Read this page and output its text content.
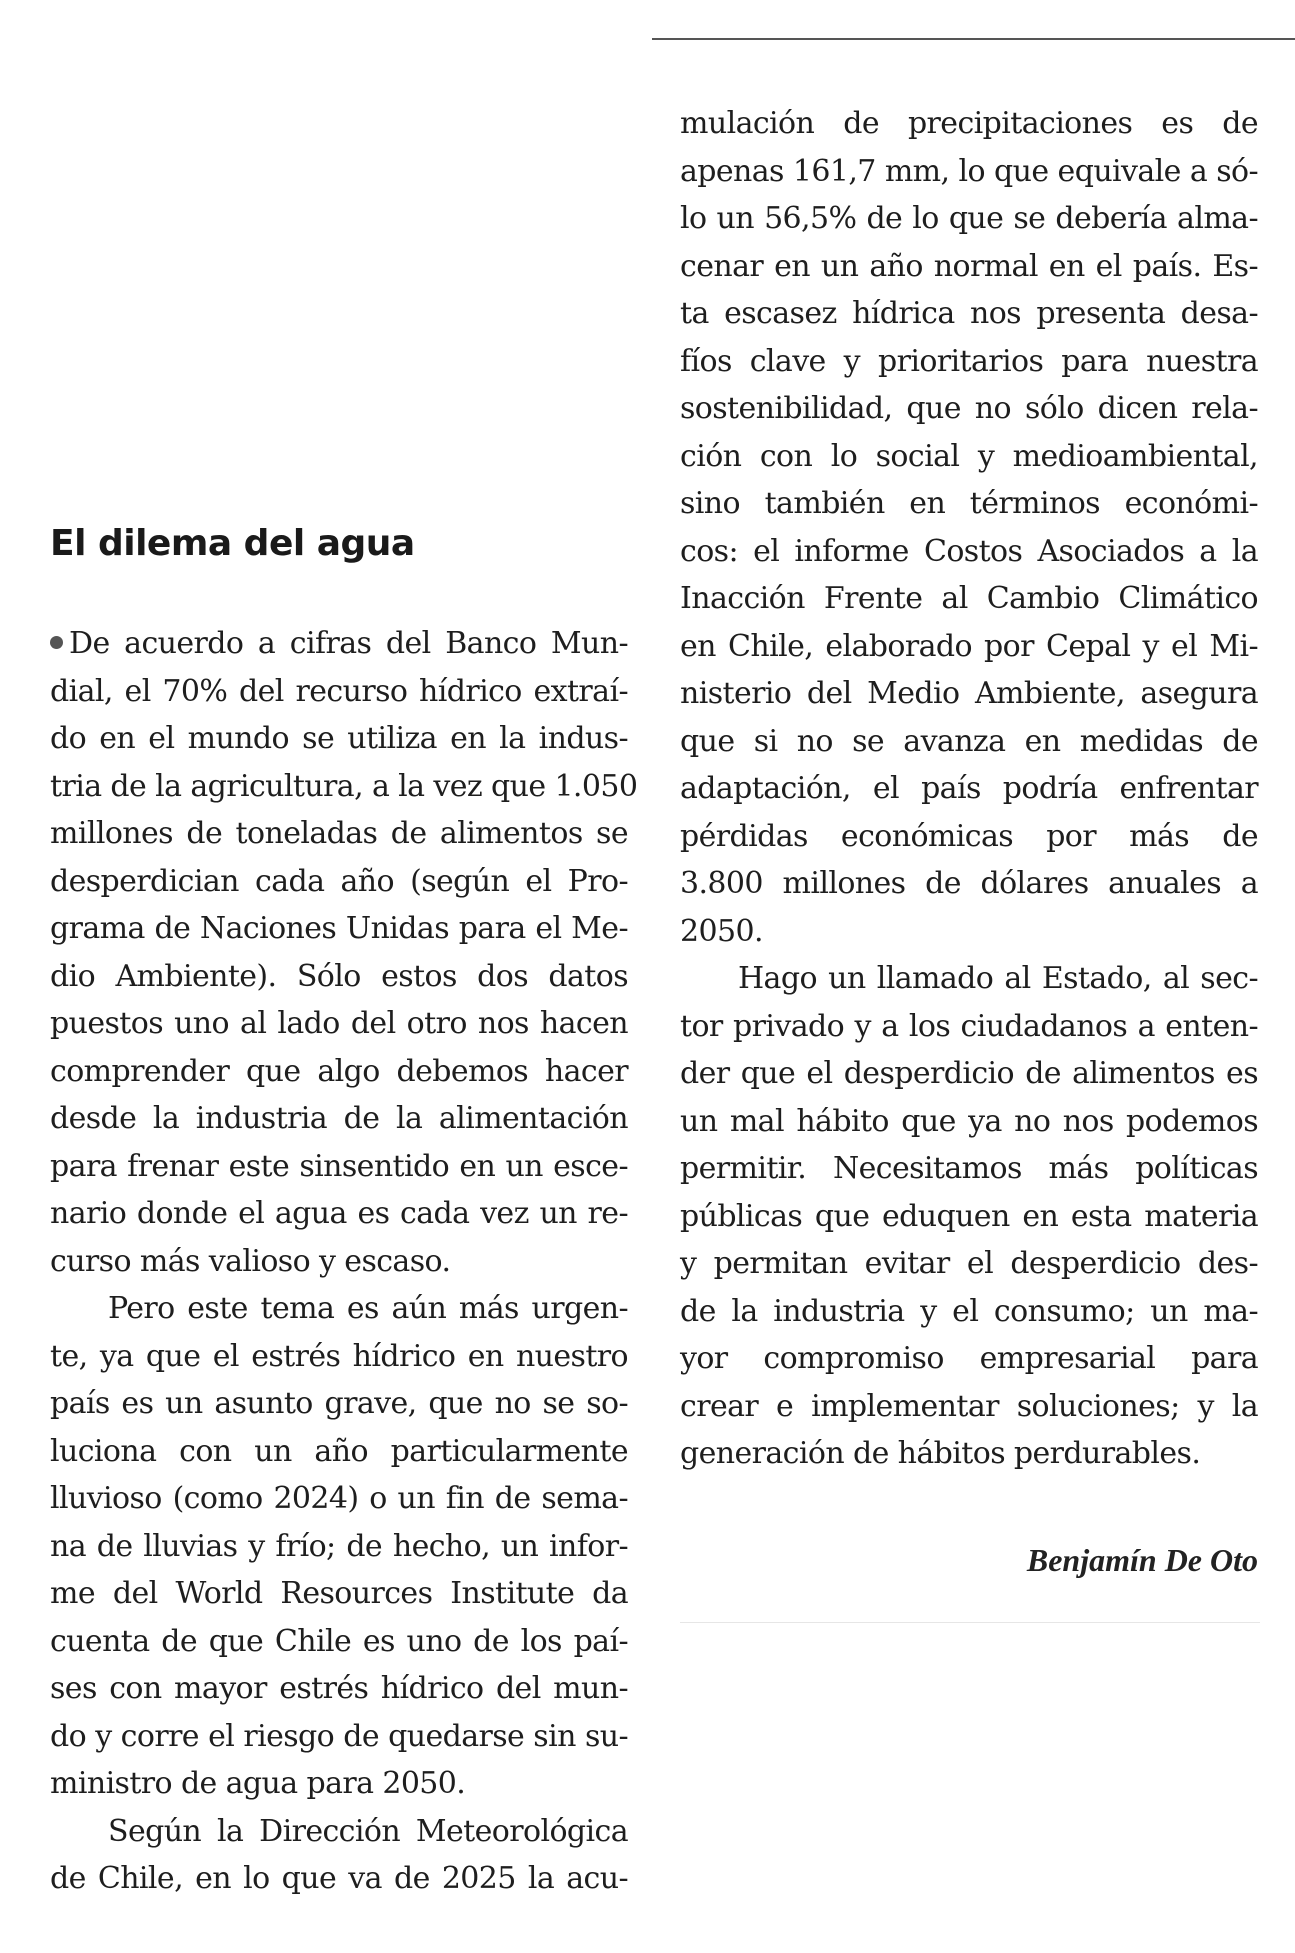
El dilema del agua
De acuerdo a cifras del Banco Mun-
dial, el 70% del recurso hídrico extraí-
do en el mundo se utiliza en la indus-
tria de la agricultura, a la vez que 1.050
millones de toneladas de alimentos se
desperdician cada año (según el Pro-
grama de Naciones Unidas para el Me-
dio Ambiente). Sólo estos dos datos
puestos uno al lado del otro nos hacen
comprender que algo debemos hacer
desde la industria de la alimentación
para frenar este sinsentido en un esce-
nario donde el agua es cada vez un re-
curso más valioso y escaso.
Pero este tema es aún más urgen-
te, ya que el estrés hídrico en nuestro
país es un asunto grave, que no se so-
luciona con un año particularmente
lluvioso (como 2024) o un fin de sema-
na de lluvias y frío; de hecho, un infor-
me del World Resources Institute da
cuenta de que Chile es uno de los paí-
ses con mayor estrés hídrico del mun-
do y corre el riesgo de quedarse sin su-
ministro de agua para 2050.
Según la Dirección Meteorológica
de Chile, en lo que va de 2025 la acu-
mulación de precipitaciones es de
apenas 161,7 mm, lo que equivale a só-
lo un 56,5% de lo que se debería alma-
cenar en un año normal en el país. Es-
ta escasez hídrica nos presenta desa-
fíos clave y prioritarios para nuestra
sostenibilidad, que no sólo dicen rela-
ción con lo social y medioambiental,
sino también en términos económi-
cos: el informe Costos Asociados a la
Inacción Frente al Cambio Climático
en Chile, elaborado por Cepal y el Mi-
nisterio del Medio Ambiente, asegura
que si no se avanza en medidas de
adaptación, el país podría enfrentar
pérdidas económicas por más de
3.800 millones de dólares anuales a
2050.
Hago un llamado al Estado, al sec-
tor privado y a los ciudadanos a enten-
der que el desperdicio de alimentos es
un mal hábito que ya no nos podemos
permitir. Necesitamos más políticas
públicas que eduquen en esta materia
y permitan evitar el desperdicio des-
de la industria y el consumo; un ma-
yor compromiso empresarial para
crear e implementar soluciones; y la
generación de hábitos perdurables.
Benjamín De Oto
